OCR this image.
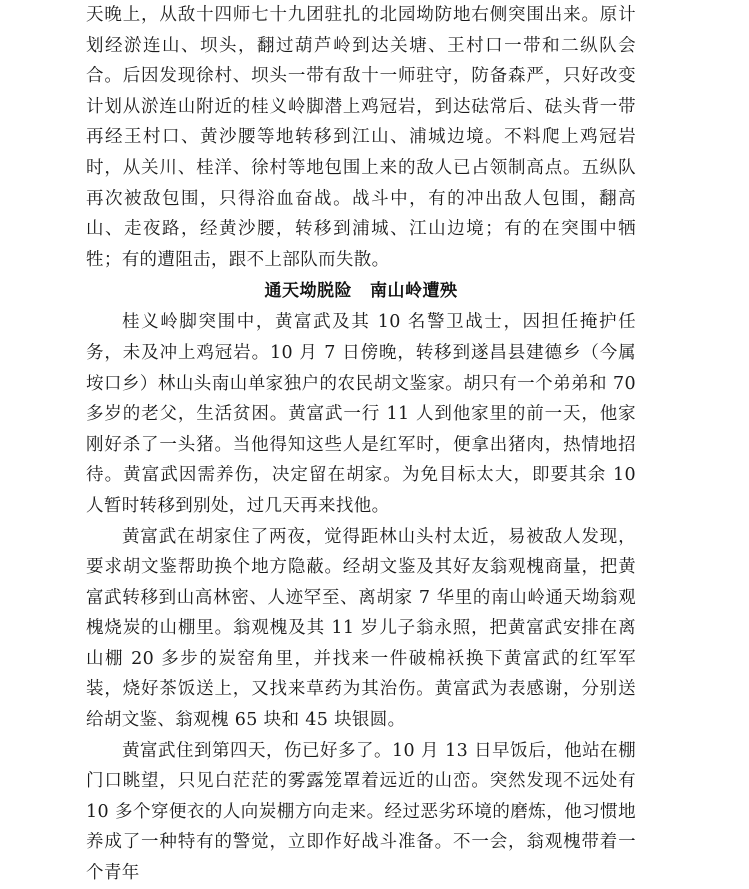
天晚上，从敌十四师七十九团驻扎的北园坳防地右侧突围出来。原计划经淤连山、坝头，翻过葫芦岭到达关塘、王村口一带和二纵队会合。后因发现徐村、坝头一带有敌十一师驻守，防备森严，只好改变计划从淤连山附近的桂义岭脚潜上鸡冠岩，到达砝常后、砝头背一带再经王村口、黄沙腰等地转移到江山、浦城边境。不料爬上鸡冠岩时，从关川、桂洋、徐村等地包围上来的敌人已占领制高点。五纵队再次被敌包围，只得浴血奋战。战斗中，有的冲出敌人包围，翻高山、走夜路，经黄沙腰，转移到浦城、江山边境；有的在突围中牺牲；有的遭阻击，跟不上部队而失散。

通天坳脱险 南山岭遭殃

桂义岭脚突围中，黄富武及其 10 名警卫战士，因担任掩护任务，未及冲上鸡冠岩。10 月 7 日傍晚，转移到遂昌县建德乡（今属垵口乡）林山头南山单家独户的农民胡文鉴家。胡只有一个弟弟和 70 多岁的老父，生活贫困。黄富武一行 11 人到他家里的前一天，他家刚好杀了一头猪。当他得知这些人是红军时，便拿出猪肉，热情地招待。黄富武因需养伤，决定留在胡家。为免目标太大，即要其余 10 人暂时转移到别处，过几天再来找他。

黄富武在胡家住了两夜，觉得距林山头村太近，易被敌人发现，要求胡文鉴帮助换个地方隐蔽。经胡文鉴及其好友翁观槐商量，把黄富武转移到山高林密、人迹罕至、离胡家 7 华里的南山岭通天坳翁观槐烧炭的山棚里。翁观槐及其 11 岁儿子翁永照，把黄富武安排在离山棚 20 多步的炭窑角里，并找来一件破棉袄换下黄富武的红军军装，烧好茶饭送上，又找来草药为其治伤。黄富武为表感谢，分别送给胡文鉴、翁观槐 65 块和 45 块银圆。

黄富武住到第四天，伤已好多了。10 月 13 日早饭后，他站在棚门口眺望，只见白茫茫的雾露笼罩着远近的山峦。突然发现不远处有 10 多个穿便衣的人向炭棚方向走来。经过恶劣环境的磨炼，他习惯地养成了一种特有的警觉，立即作好战斗准备。不一会，翁观槐带着一个青年
